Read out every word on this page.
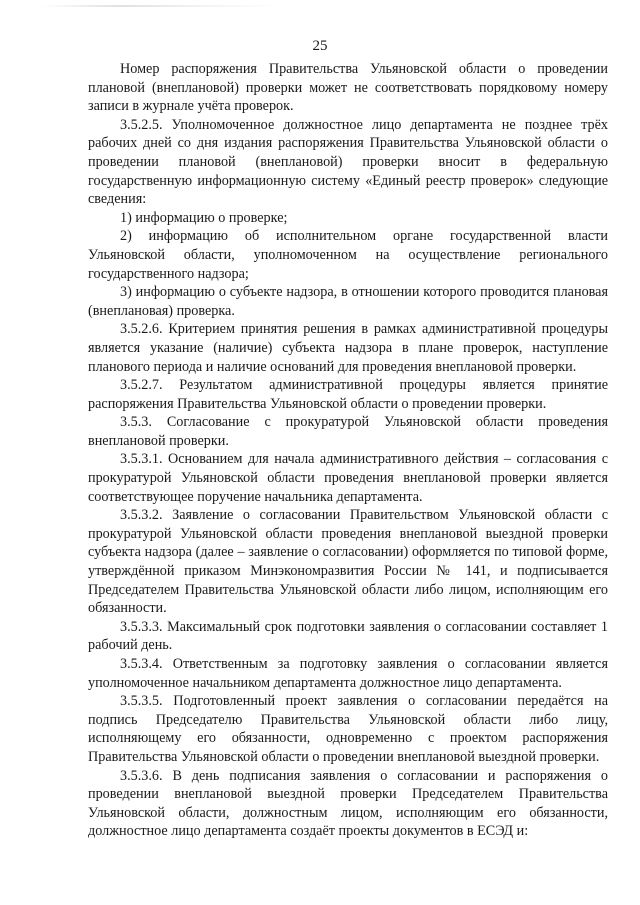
25

Номер распоряжения Правительства Ульяновской области о проведении плановой (внеплановой) проверки может не соответствовать порядковому номеру записи в журнале учёта проверок.

3.5.2.5. Уполномоченное должностное лицо департамента не позднее трёх рабочих дней со дня издания распоряжения Правительства Ульяновской области о проведении плановой (внеплановой) проверки вносит в федеральную государственную информационную систему «Единый реестр проверок» следующие сведения:

1) информацию о проверке;

2) информацию об исполнительном органе государственной власти Ульяновской области, уполномоченном на осуществление регионального государственного надзора;

3) информацию о субъекте надзора, в отношении которого проводится плановая (внеплановая) проверка.

3.5.2.6. Критерием принятия решения в рамках административной процедуры является указание (наличие) субъекта надзора в плане проверок, наступление планового периода и наличие оснований для проведения внеплановой проверки.

3.5.2.7. Результатом административной процедуры является принятие распоряжения Правительства Ульяновской области о проведении проверки.

3.5.3. Согласование с прокуратурой Ульяновской области проведения внеплановой проверки.

3.5.3.1. Основанием для начала административного действия – согласования с прокуратурой Ульяновской области проведения внеплановой проверки является соответствующее поручение начальника департамента.

3.5.3.2. Заявление о согласовании Правительством Ульяновской области с прокуратурой Ульяновской области проведения внеплановой выездной проверки субъекта надзора (далее – заявление о согласовании) оформляется по типовой форме, утверждённой приказом Минэкономразвития России № 141, и подписывается Председателем Правительства Ульяновской области либо лицом, исполняющим его обязанности.

3.5.3.3. Максимальный срок подготовки заявления о согласовании составляет 1 рабочий день.

3.5.3.4. Ответственным за подготовку заявления о согласовании является уполномоченное начальником департамента должностное лицо департамента.

3.5.3.5. Подготовленный проект заявления о согласовании передаётся на подпись Председателю Правительства Ульяновской области либо лицу, исполняющему его обязанности, одновременно с проектом распоряжения Правительства Ульяновской области о проведении внеплановой выездной проверки.

3.5.3.6. В день подписания заявления о согласовании и распоряжения о проведении внеплановой выездной проверки Председателем Правительства Ульяновской области, должностным лицом, исполняющим его обязанности, должностное лицо департамента создаёт проекты документов в ЕСЭД и:
